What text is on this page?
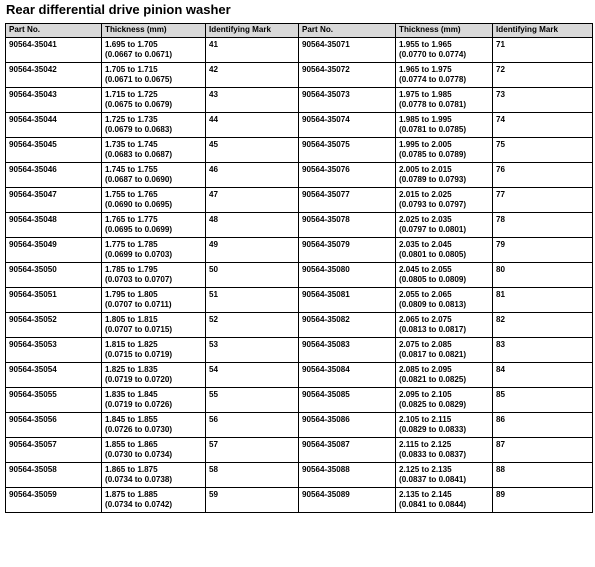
Rear differential drive pinion washer
Part No.	Thickness (mm)	Identifying Mark	Part No.	Thickness (mm)	Identifying Mark
90564-35041	1.695 to 1.705
(0.0667 to 0.0671)	41	90564-35071	1.955 to 1.965
(0.0770 to 0.0774)	71
90564-35042	1.705 to 1.715
(0.0671 to 0.0675)	42	90564-35072	1.965 to 1.975
(0.0774 to 0.0778)	72
90564-35043	1.715 to 1.725
(0.0675 to 0.0679)	43	90564-35073	1.975 to 1.985
(0.0778 to 0.0781)	73
90564-35044	1.725 to 1.735
(0.0679 to 0.0683)	44	90564-35074	1.985 to 1.995
(0.0781 to 0.0785)	74
90564-35045	1.735 to 1.745
(0.0683 to 0.0687)	45	90564-35075	1.995 to 2.005
(0.0785 to 0.0789)	75
90564-35046	1.745 to 1.755
(0.0687 to 0.0690)	46	90564-35076	2.005 to 2.015
(0.0789 to 0.0793)	76
90564-35047	1.755 to 1.765
(0.0690 to 0.0695)	47	90564-35077	2.015 to 2.025
(0.0793 to 0.0797)	77
90564-35048	1.765 to 1.775
(0.0695 to 0.0699)	48	90564-35078	2.025 to 2.035
(0.0797 to 0.0801)	78
90564-35049	1.775 to 1.785
(0.0699 to 0.0703)	49	90564-35079	2.035 to 2.045
(0.0801 to 0.0805)	79
90564-35050	1.785 to 1.795
(0.0703 to 0.0707)	50	90564-35080	2.045 to 2.055
(0.0805 to 0.0809)	80
90564-35051	1.795 to 1.805
(0.0707 to 0.0711)	51	90564-35081	2.055 to 2.065
(0.0809 to 0.0813)	81
90564-35052	1.805 to 1.815
(0.0707 to 0.0715)	52	90564-35082	2.065 to 2.075
(0.0813 to 0.0817)	82
90564-35053	1.815 to 1.825
(0.0715 to 0.0719)	53	90564-35083	2.075 to 2.085
(0.0817 to 0.0821)	83
90564-35054	1.825 to 1.835
(0.0719 to 0.0720)	54	90564-35084	2.085 to 2.095
(0.0821 to 0.0825)	84
90564-35055	1.835 to 1.845
(0.0719 to 0.0726)	55	90564-35085	2.095 to 2.105
(0.0825 to 0.0829)	85
90564-35056	1.845 to 1.855
(0.0726 to 0.0730)	56	90564-35086	2.105 to 2.115
(0.0829 to 0.0833)	86
90564-35057	1.855 to 1.865
(0.0730 to 0.0734)	57	90564-35087	2.115 to 2.125
(0.0833 to 0.0837)	87
90564-35058	1.865 to 1.875
(0.0734 to 0.0738)	58	90564-35088	2.125 to 2.135
(0.0837 to 0.0841)	88
90564-35059	1.875 to 1.885
(0.0734 to 0.0742)	59	90564-35089	2.135 to 2.145
(0.0841 to 0.0844)	89
